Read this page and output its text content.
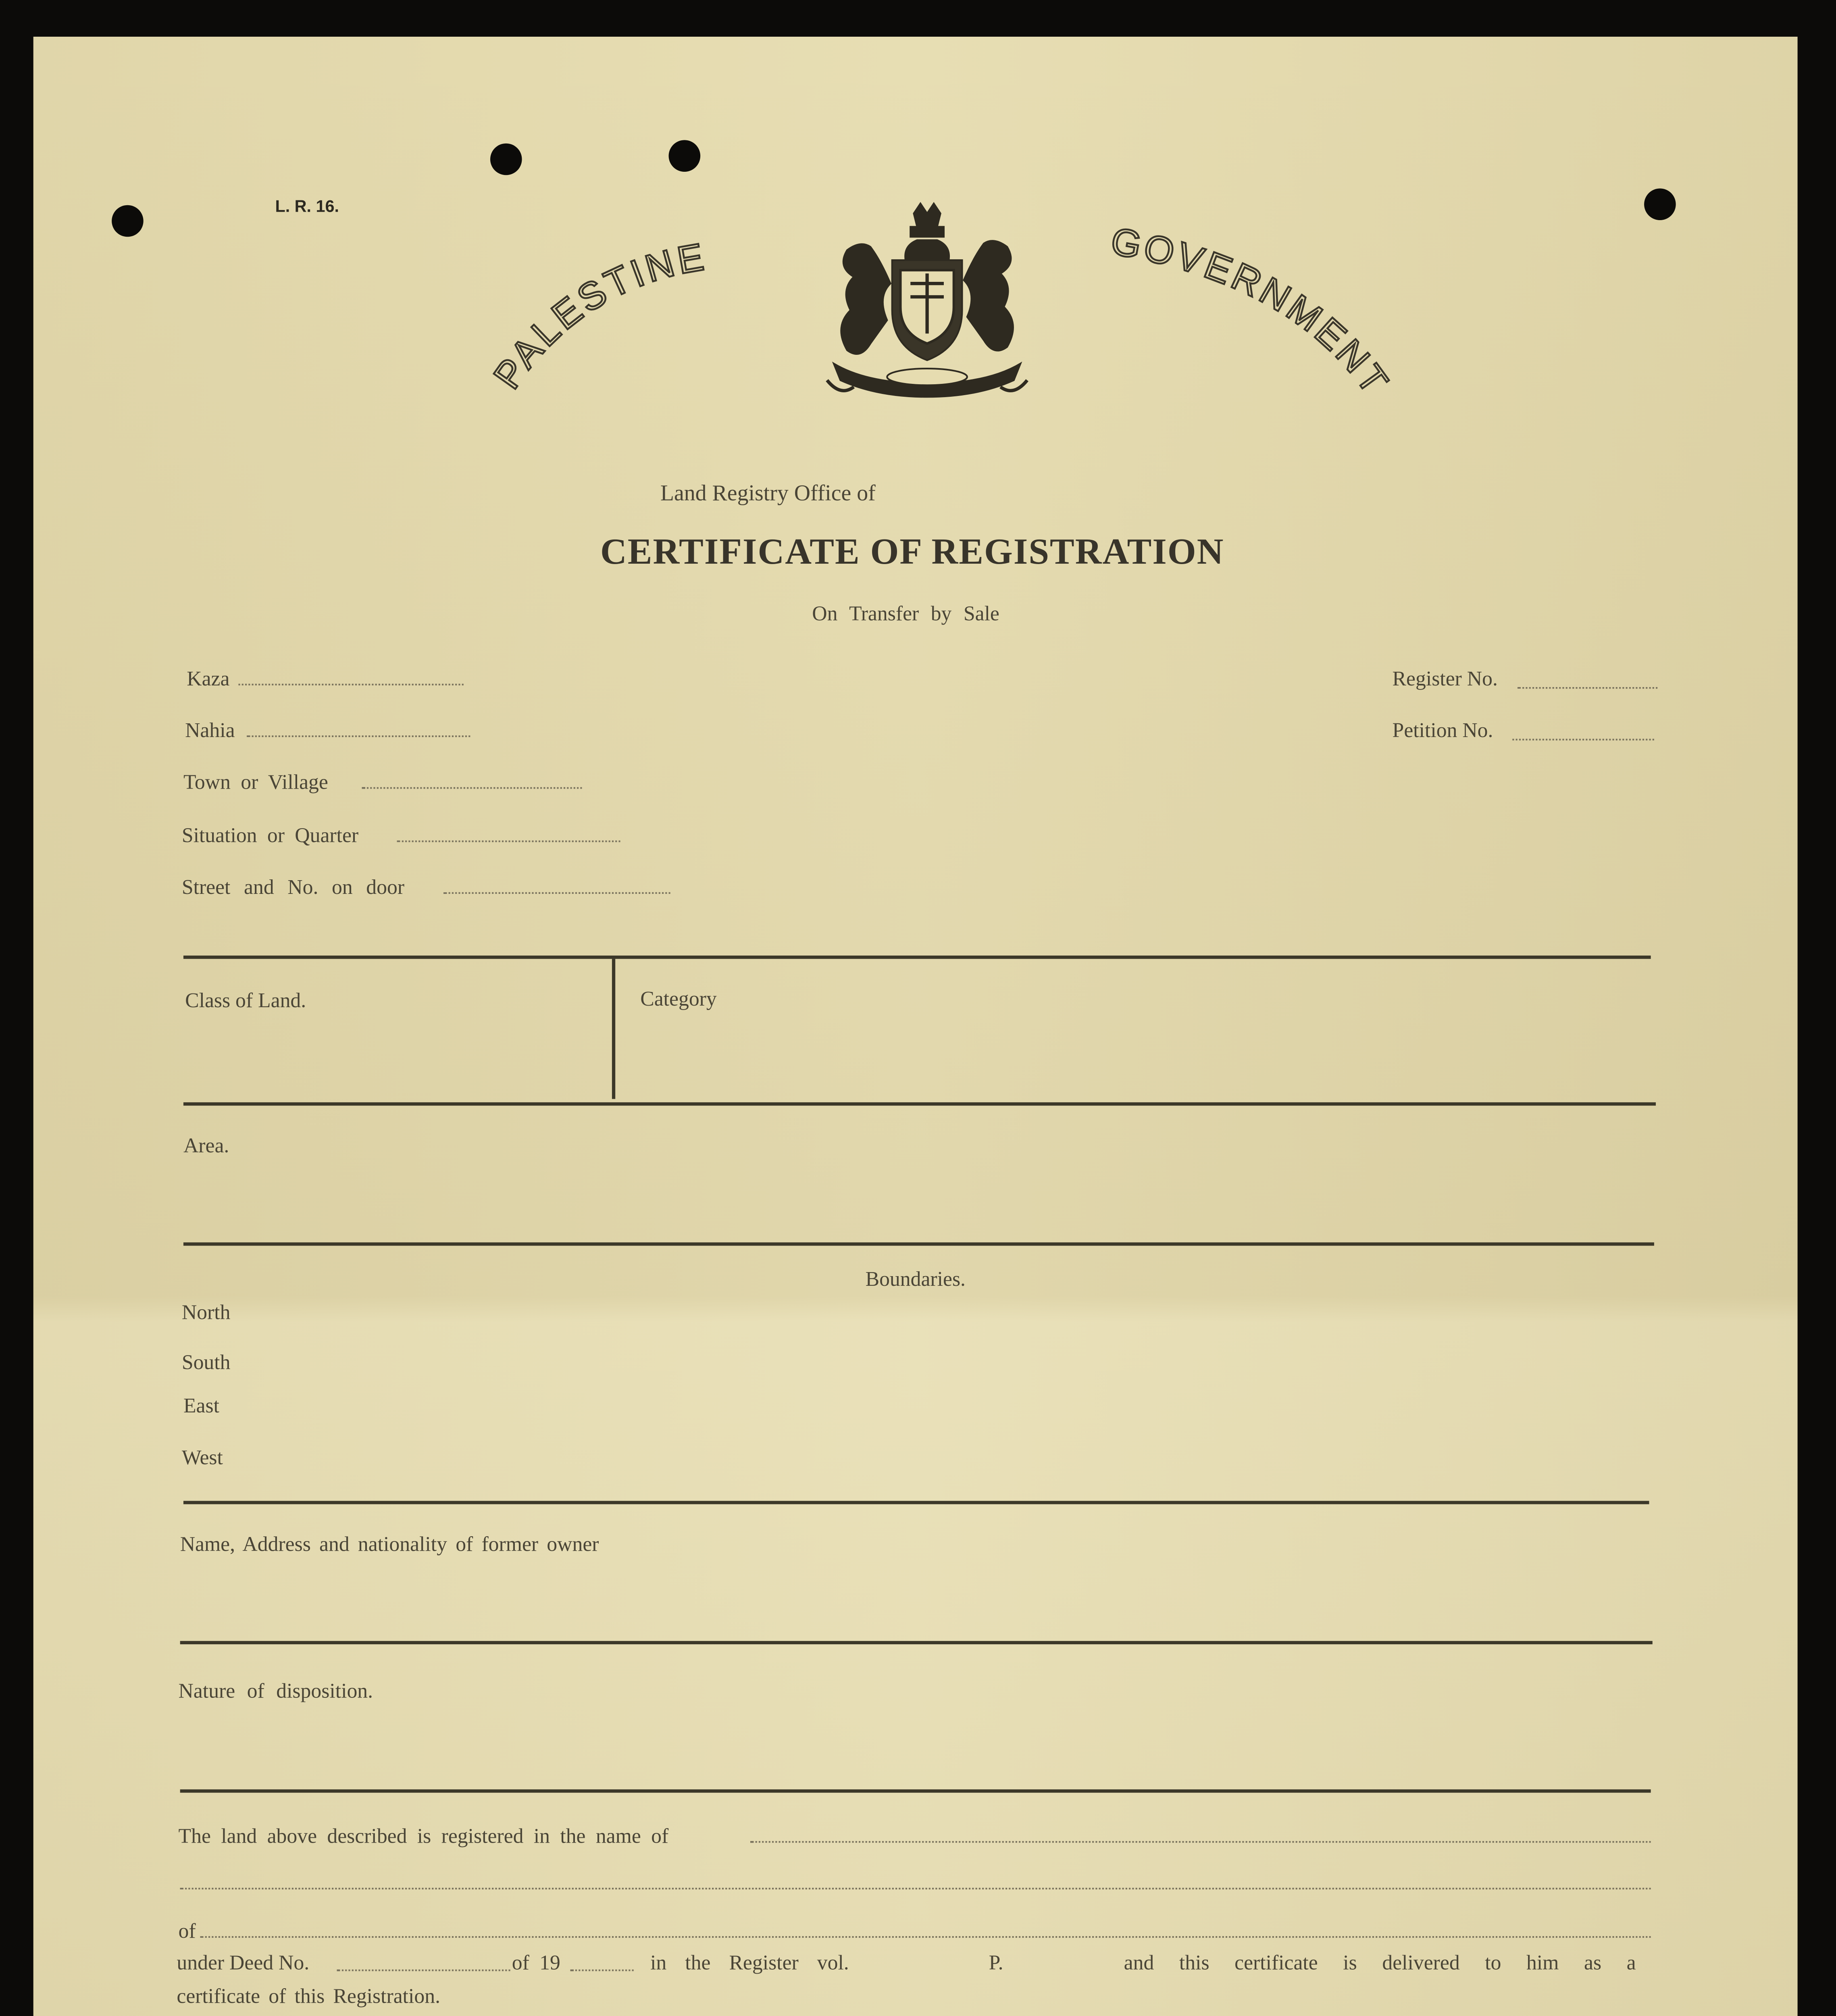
L. R. 16.
PALESTINE	GOVERNMENT
Land Registry Office of
CERTIFICATE OF REGISTRATION
On Transfer by Sale
Kaza
Nahia
Town or Village
Situation or Quarter
Street and No. on door
Register No.
Petition No.
Class of Land.	Category
Area.
Boundaries.
North
South
East
West
Name, Address and nationality of former owner
Nature of disposition.
The land above described is registered in the name of
of
under Deed No.	of 19	in the Register vol.	P.	and this certificate is delivered to him as a
certificate of this Registration.
